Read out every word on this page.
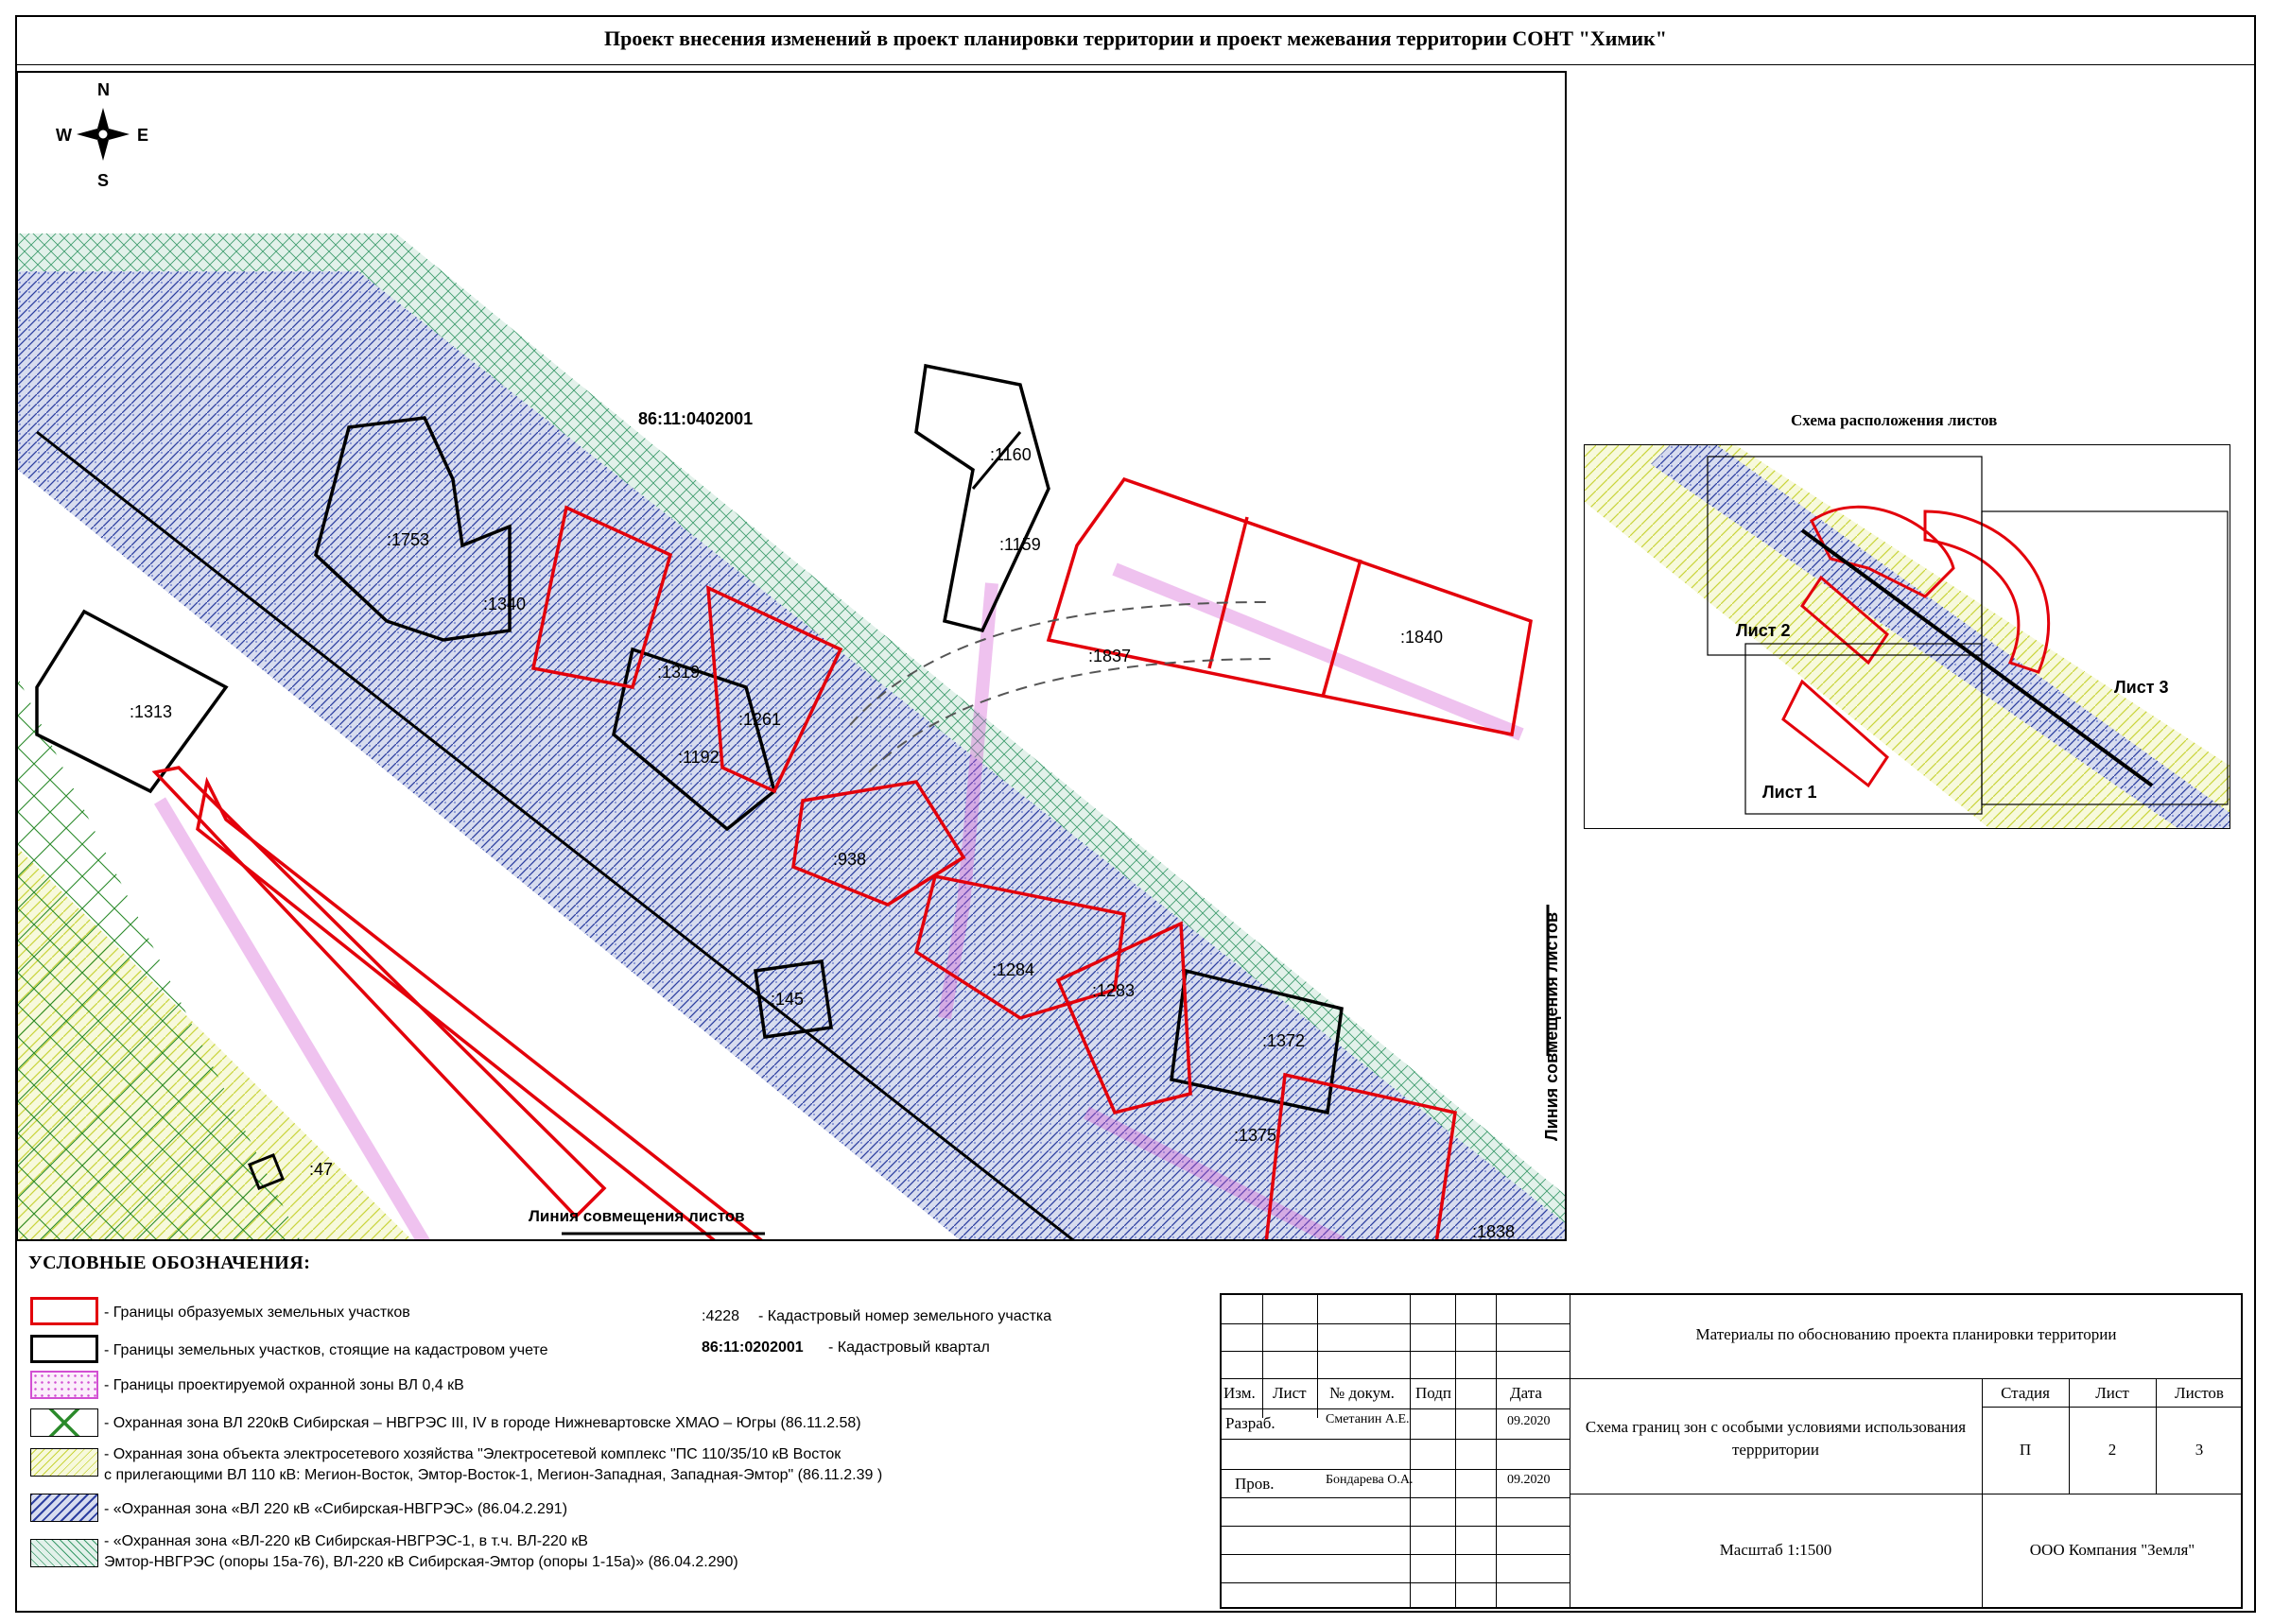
Проект внесения изменений в проект планировки территории и проект межевания территории СОНТ "Химик"
N
S
W	E
86:11:0402001
:1160
:1159
:1753
:1340
:1319
:1261
:1192
:1313
:938
:1837
:1840
:1284
:1283
:1372
:1375
:145
:47
:1838
Линия совмещения листов
Линия совмещения листов
Схема расположения листов
Лист 2
Лист 1
Лист 3
УСЛОВНЫЕ ОБОЗНАЧЕНИЯ:
- Границы образуемых земельных участков
- Границы земельных участков, стоящие на кадастровом учете
- Границы проектируемой охранной зоны ВЛ 0,4 кВ
- Охранная зона ВЛ 220кВ Сибирская – НВГРЭС III, IV в городе Нижневартовске ХМАО – Югры (86.11.2.58)
- Охранная зона объекта электросетевого хозяйства "Электросетевой комплекс "ПС 110/35/10 кВ Восток
с прилегающими ВЛ 110 кВ: Мегион-Восток, Эмтор-Восток-1, Мегион-Западная, Западная-Эмтор" (86.11.2.39 )
- «Охранная зона «ВЛ 220 кВ «Сибирская-НВГРЭС» (86.04.2.291)
- «Охранная зона «ВЛ-220 кВ Сибирская-НВГРЭС-1, в т.ч. ВЛ-220 кВ
Эмтор-НВГРЭС (опоры 15а-76), ВЛ-220 кВ Сибирская-Эмтор (опоры 1-15а)» (86.04.2.290)
:4228 - Кадастровый номер земельного участка
86:11:0202001 - Кадастровый квартал
Материалы по обоснованию проекта планировки территории
Изм. Лист № докум. Подп	Дата
Разраб.	Сметанин А.Е.	09.2020
Пров.	Бондарева О.А.	09.2020
Схема границ зон с особыми условиями использования террритории
Стадия	Лист	Листов
П	2	3
Масштаб 1:1500	ООО Компания "Земля"
